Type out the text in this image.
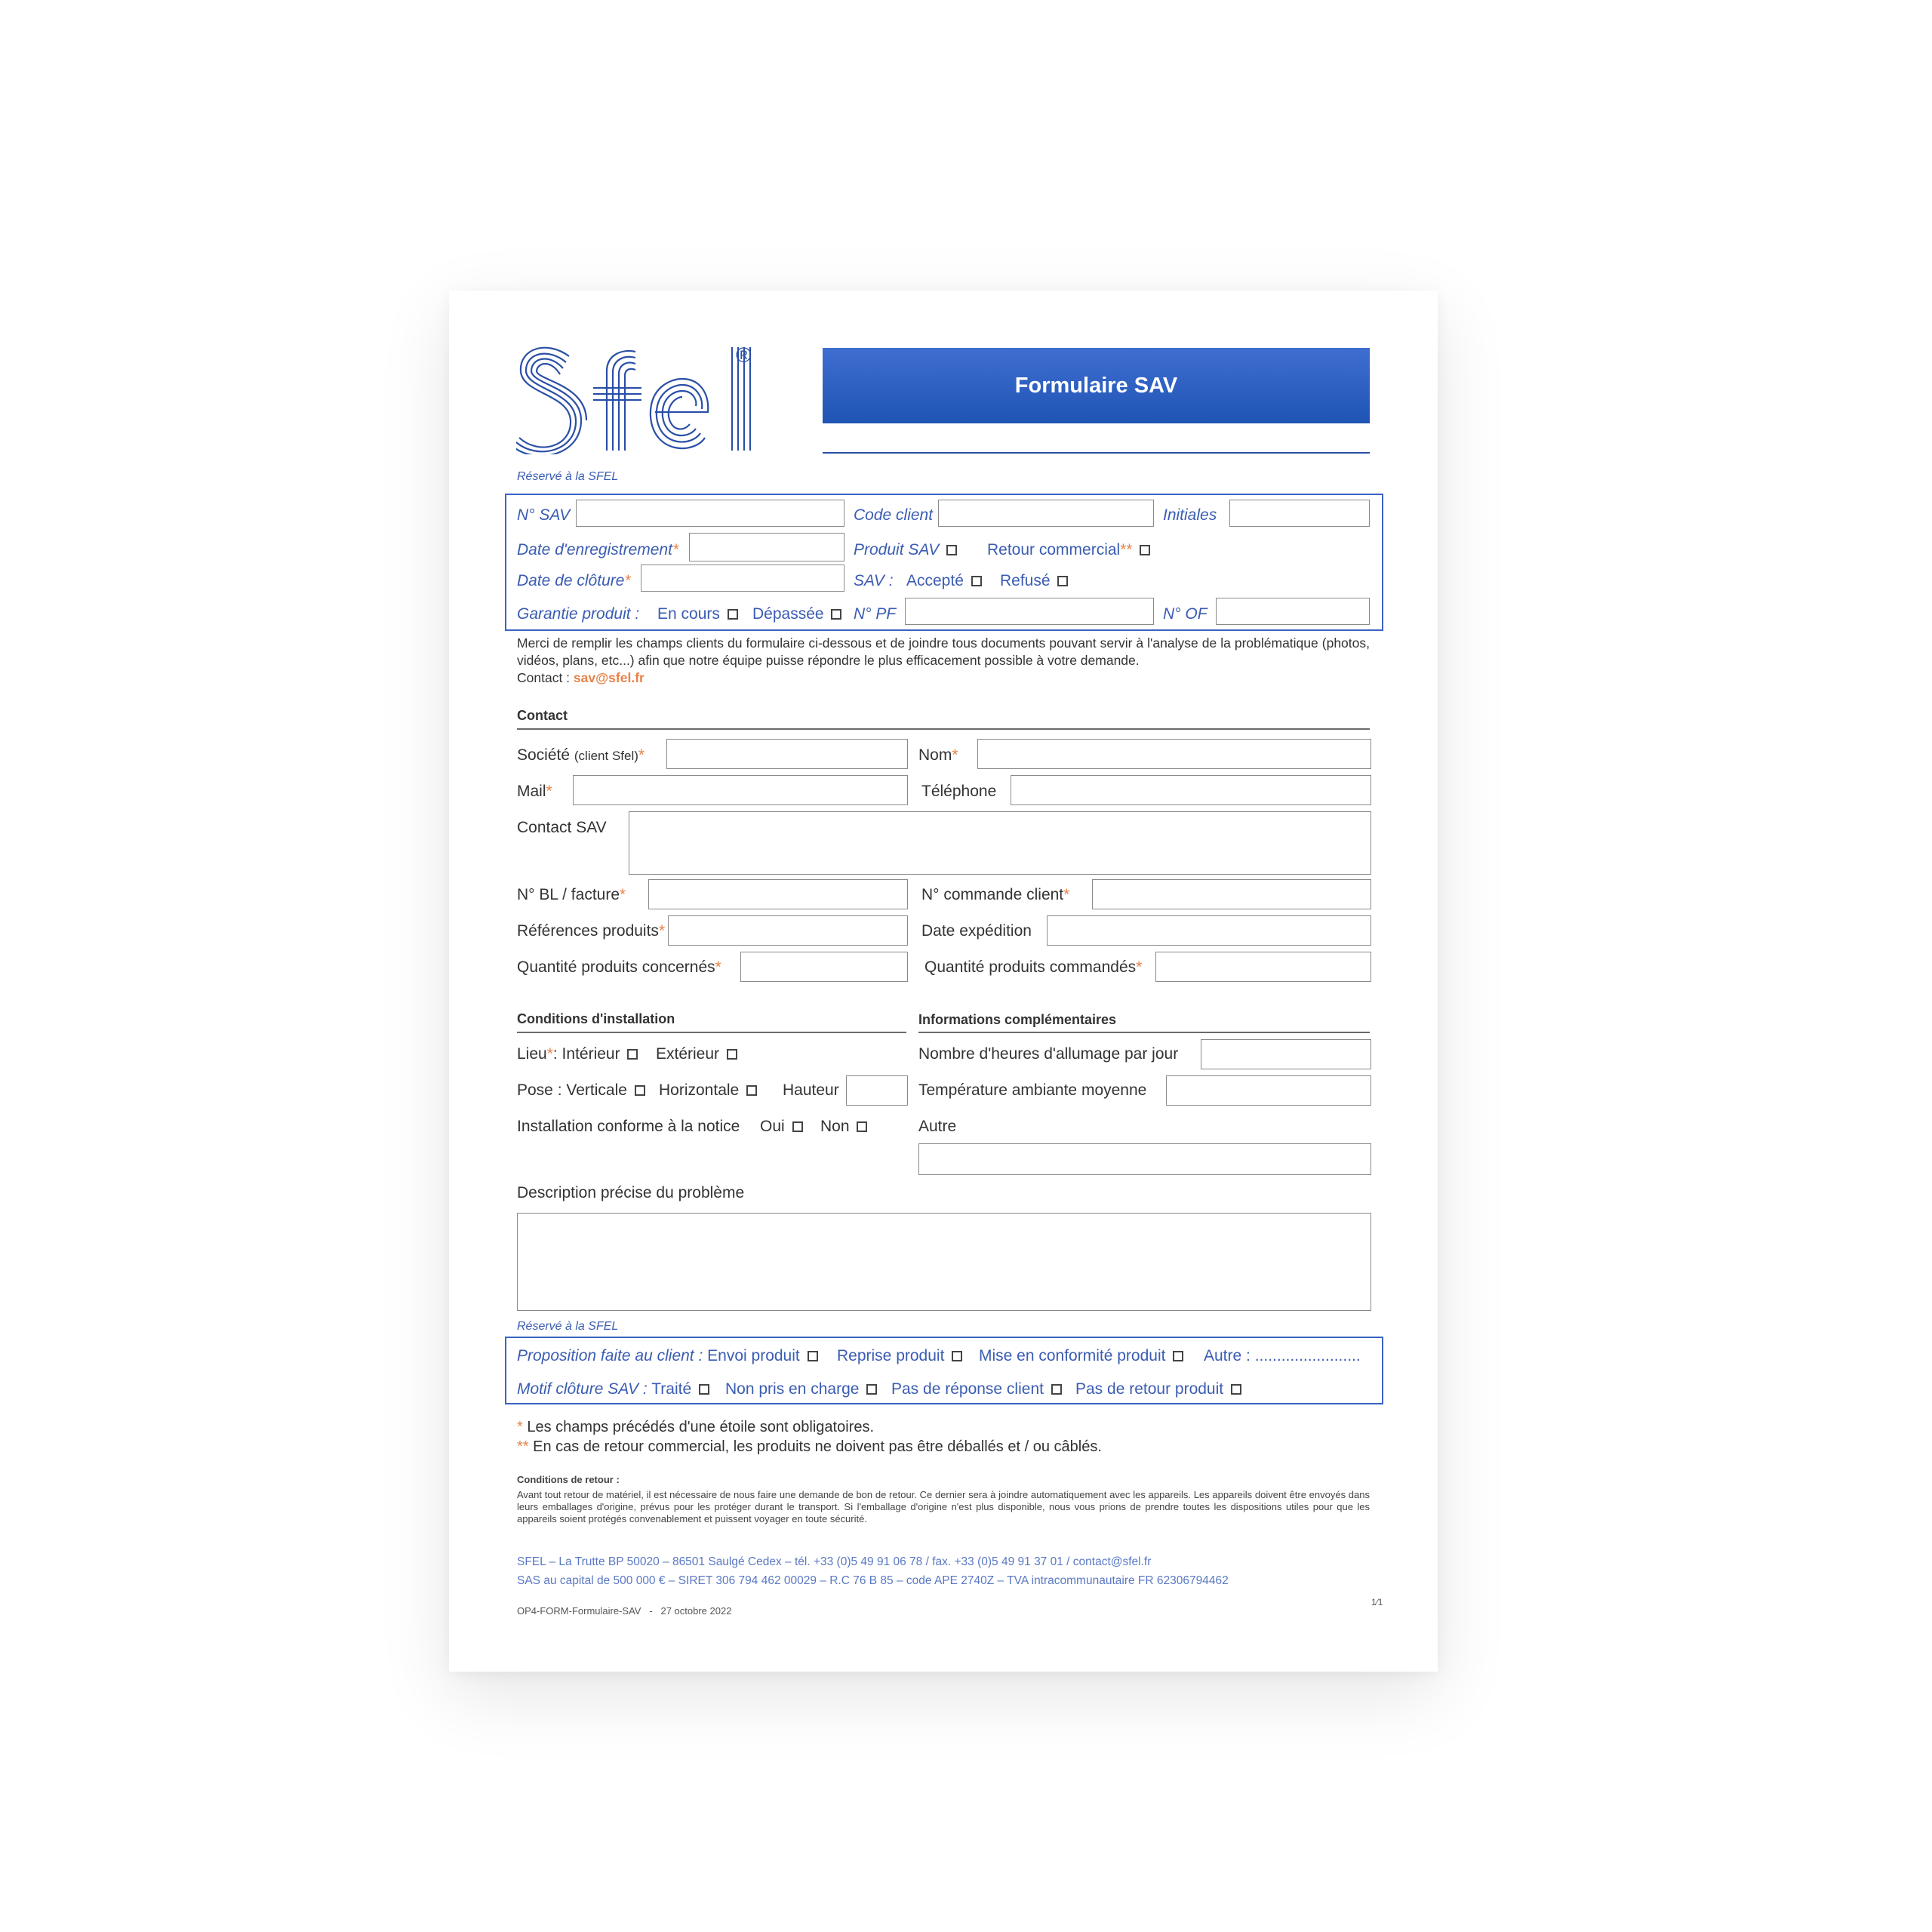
®
Formulaire SAV
Réservé à la SFEL
N° SAV	Code client	Initiales
Date d'enregistrement*	Produit SAV	Retour commercial**
Date de clôture*	SAV : Accepté	Refusé
Garantie produit : En cours	Dépassée	N° PF	N° OF
Merci de remplir les champs clients du formulaire ci-dessous et de joindre tous documents pouvant servir à l'analyse de la problématique (photos, vidéos, plans, etc...) afin que notre équipe puisse répondre le plus efficacement possible à votre demande.
Contact : sav@sfel.fr
Contact
Société (client Sfel)*	Nom*
Mail*	Téléphone
Contact SAV
N° BL / facture*	N° commande client*
Références produits*	Date expédition
Quantité produits concernés*	Quantité produits commandés*
Conditions d'installation
Lieu*: Intérieur	Extérieur
Pose : Verticale	Horizontale	Hauteur
Installation conforme à la notice Oui	Non
Informations complémentaires
Nombre d'heures d'allumage par jour
Température ambiante moyenne
Autre
Description précise du problème
Réservé à la SFEL
Proposition faite au client : Envoi produit	Reprise produit	Mise en conformité produit	Autre : ........................
Motif clôture SAV : Traité	Non pris en charge	Pas de réponse client	Pas de retour produit
* Les champs précédés d'une étoile sont obligatoires.
** En cas de retour commercial, les produits ne doivent pas être déballés et / ou câblés.
Conditions de retour :
Avant tout retour de matériel, il est nécessaire de nous faire une demande de bon de retour. Ce dernier sera à joindre automatiquement avec les appareils. Les appareils doivent être envoyés dans leurs emballages d'origine, prévus pour les protéger durant le transport. Si l'emballage d'origine n'est plus disponible, nous vous prions de prendre toutes les dispositions utiles pour que les appareils soient protégés convenablement et puissent voyager en toute sécurité.
SFEL – La Trutte BP 50020 – 86501 Saulgé Cedex – tél. +33 (0)5 49 91 06 78 / fax. +33 (0)5 49 91 37 01 / contact@sfel.fr
SAS au capital de 500 000 € – SIRET 306 794 462 00029 – R.C 76 B 85 – code APE 2740Z – TVA intracommunautaire FR 62306794462
OP4-FORM-Formulaire-SAV - 27 octobre 2022
1⁄1
